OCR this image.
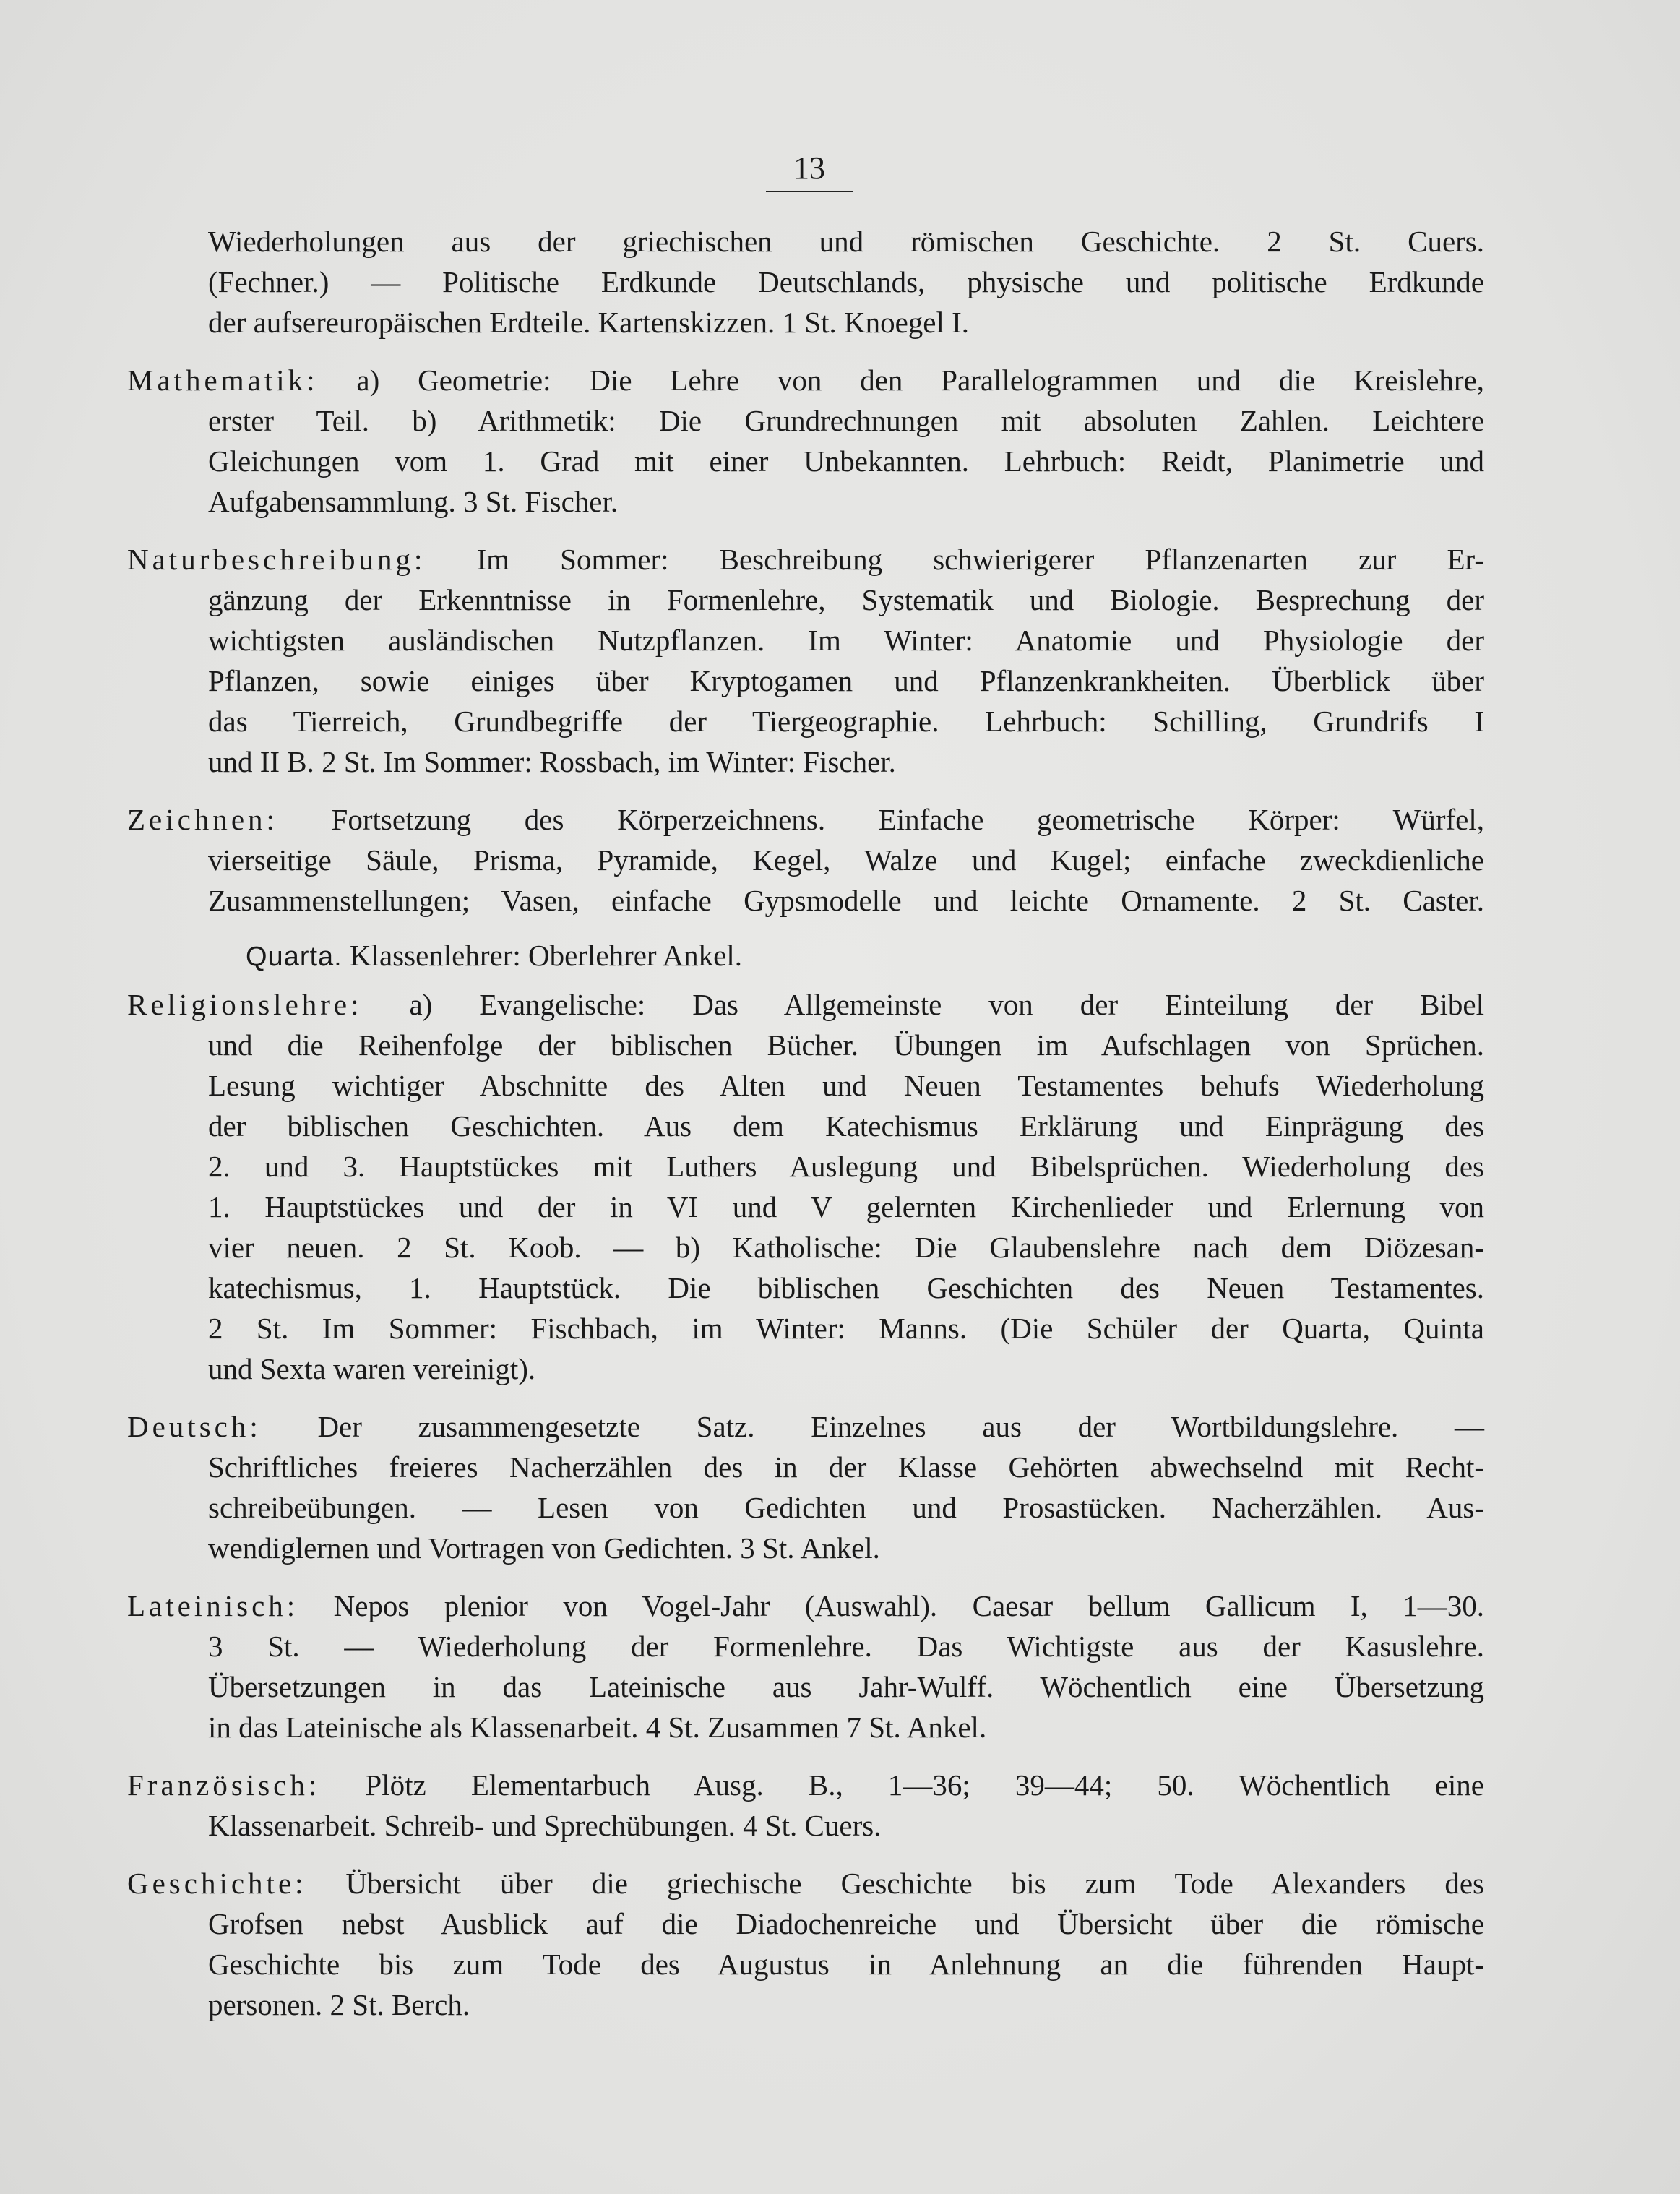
13
Wiederholungen aus der griechischen und römischen Geschichte. 2 St. Cuers.
(Fechner.) — Politische Erdkunde Deutschlands, physische und politische Erdkunde
der aufsereuropäischen Erdteile. Kartenskizzen. 1 St. Knoegel I.
Mathematik: a) Geometrie: Die Lehre von den Parallelogrammen und die Kreislehre,
erster Teil. b) Arithmetik: Die Grundrechnungen mit absoluten Zahlen. Leichtere
Gleichungen vom 1. Grad mit einer Unbekannten. Lehrbuch: Reidt, Planimetrie und
Aufgabensammlung. 3 St. Fischer.
Naturbeschreibung: Im Sommer: Beschreibung schwierigerer Pflanzenarten zur Er-
gänzung der Erkenntnisse in Formenlehre, Systematik und Biologie. Besprechung der
wichtigsten ausländischen Nutzpflanzen. Im Winter: Anatomie und Physiologie der
Pflanzen, sowie einiges über Kryptogamen und Pflanzenkrankheiten. Überblick über
das Tierreich, Grundbegriffe der Tiergeographie. Lehrbuch: Schilling, Grundrifs I
und II B. 2 St. Im Sommer: Rossbach, im Winter: Fischer.
Zeichnen: Fortsetzung des Körperzeichnens. Einfache geometrische Körper: Würfel,
vierseitige Säule, Prisma, Pyramide, Kegel, Walze und Kugel; einfache zweckdienliche
Zusammenstellungen; Vasen, einfache Gypsmodelle und leichte Ornamente. 2 St. Caster.
Quarta. Klassenlehrer: Oberlehrer Ankel.
Religionslehre: a) Evangelische: Das Allgemeinste von der Einteilung der Bibel
und die Reihenfolge der biblischen Bücher. Übungen im Aufschlagen von Sprüchen.
Lesung wichtiger Abschnitte des Alten und Neuen Testamentes behufs Wiederholung
der biblischen Geschichten. Aus dem Katechismus Erklärung und Einprägung des
2. und 3. Hauptstückes mit Luthers Auslegung und Bibelsprüchen. Wiederholung des
1. Hauptstückes und der in VI und V gelernten Kirchenlieder und Erlernung von
vier neuen. 2 St. Koob. — b) Katholische: Die Glaubenslehre nach dem Diözesan-
katechismus, 1. Hauptstück. Die biblischen Geschichten des Neuen Testamentes.
2 St. Im Sommer: Fischbach, im Winter: Manns. (Die Schüler der Quarta, Quinta
und Sexta waren vereinigt).
Deutsch: Der zusammengesetzte Satz. Einzelnes aus der Wortbildungslehre. —
Schriftliches freieres Nacherzählen des in der Klasse Gehörten abwechselnd mit Recht-
schreibeübungen. — Lesen von Gedichten und Prosastücken. Nacherzählen. Aus-
wendiglernen und Vortragen von Gedichten. 3 St. Ankel.
Lateinisch: Nepos plenior von Vogel-Jahr (Auswahl). Caesar bellum Gallicum I, 1—30.
3 St. — Wiederholung der Formenlehre. Das Wichtigste aus der Kasuslehre.
Übersetzungen in das Lateinische aus Jahr-Wulff. Wöchentlich eine Übersetzung
in das Lateinische als Klassenarbeit. 4 St. Zusammen 7 St. Ankel.
Französisch: Plötz Elementarbuch Ausg. B., 1—36; 39—44; 50. Wöchentlich eine
Klassenarbeit. Schreib- und Sprechübungen. 4 St. Cuers.
Geschichte: Übersicht über die griechische Geschichte bis zum Tode Alexanders des
Grofsen nebst Ausblick auf die Diadochenreiche und Übersicht über die römische
Geschichte bis zum Tode des Augustus in Anlehnung an die führenden Haupt-
personen. 2 St. Berch.
